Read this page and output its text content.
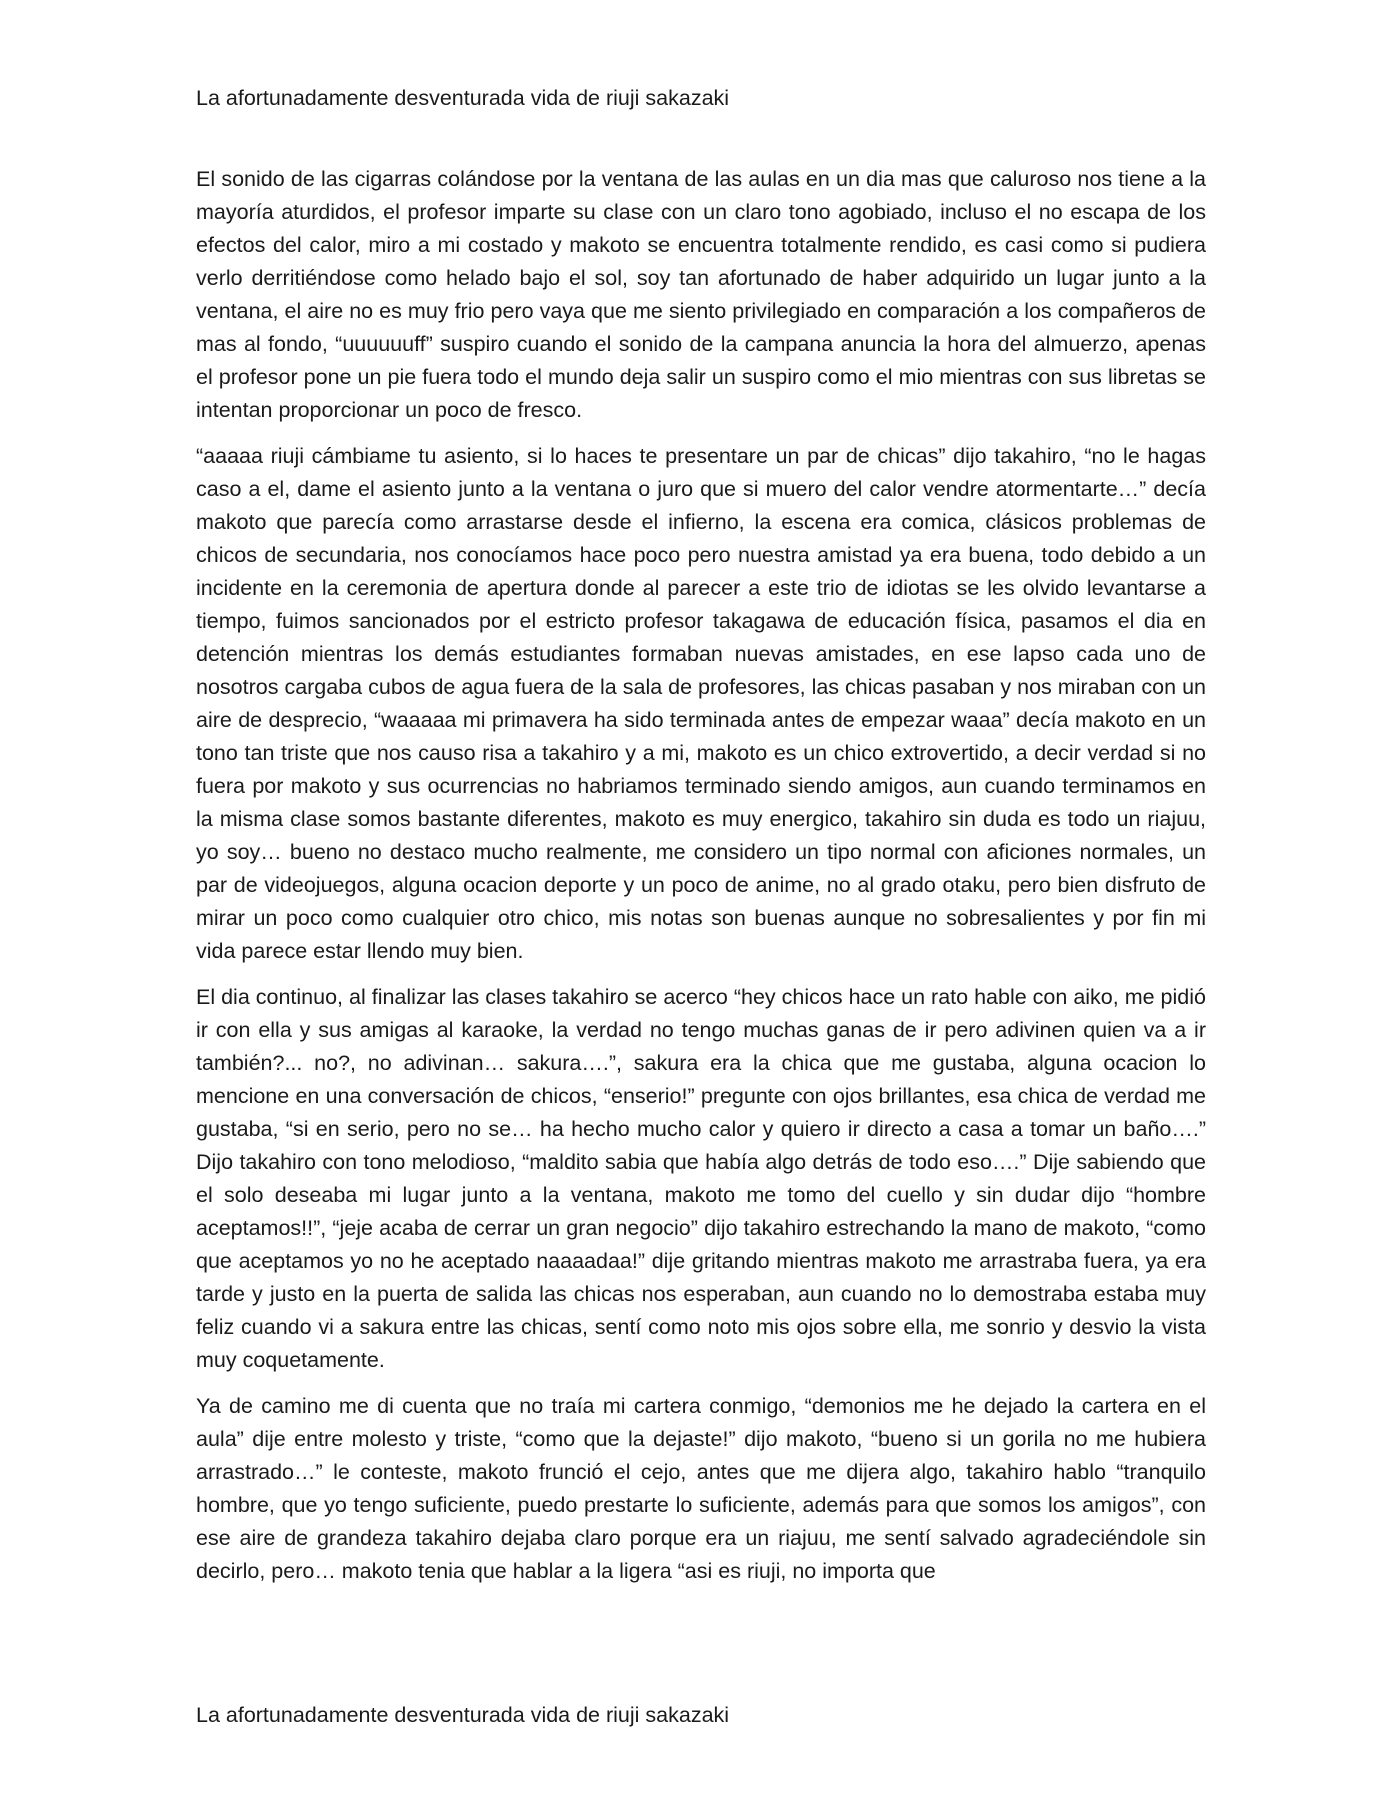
La afortunadamente desventurada vida de riuji sakazaki

El sonido de las cigarras colándose por la ventana de las aulas en un dia mas que caluroso nos tiene a la mayoría aturdidos, el profesor imparte su clase con un claro tono agobiado, incluso el no escapa de los efectos del calor, miro a mi costado y makoto se encuentra totalmente rendido, es casi como si pudiera verlo derritiéndose como helado bajo el sol, soy tan afortunado de haber adquirido un lugar junto a la ventana, el aire no es muy frio pero vaya que me siento privilegiado en comparación a los compañeros de mas al fondo, “uuuuuuff” suspiro cuando el sonido de la campana anuncia la hora del almuerzo, apenas el profesor pone un pie fuera todo el mundo deja salir un suspiro como el mio mientras con sus libretas se intentan proporcionar un poco de fresco.

“aaaaa riuji cámbiame tu asiento, si lo haces te presentare un par de chicas” dijo takahiro, “no le hagas caso a el, dame el asiento junto a la ventana o juro que si muero del calor vendre atormentarte…” decía makoto que parecía como arrastarse desde el infierno, la escena era comica, clásicos problemas de chicos de secundaria, nos conocíamos hace poco pero nuestra amistad ya era buena, todo debido a un incidente en la ceremonia de apertura donde al parecer a este trio de idiotas se les olvido levantarse a tiempo, fuimos sancionados por el estricto profesor takagawa de educación física, pasamos el dia en detención mientras los demás estudiantes formaban nuevas amistades, en ese lapso cada uno de nosotros cargaba cubos de agua fuera de la sala de profesores, las chicas pasaban y nos miraban con un aire de desprecio, “waaaaa mi primavera ha sido terminada antes de empezar waaa” decía makoto en un tono tan triste que nos causo risa a takahiro y a mi, makoto es un chico extrovertido, a decir verdad si no fuera por makoto y sus ocurrencias no habriamos terminado siendo amigos, aun cuando terminamos en la misma clase somos bastante diferentes, makoto es muy energico, takahiro sin duda es todo un riajuu, yo soy… bueno no destaco mucho realmente, me considero un tipo normal con aficiones normales, un par de videojuegos, alguna ocacion deporte y un poco de anime, no al grado otaku, pero bien disfruto de mirar un poco como cualquier otro chico, mis notas son buenas aunque no sobresalientes y por fin mi vida parece estar llendo muy bien.

El dia continuo, al finalizar las clases takahiro se acerco “hey chicos hace un rato hable con aiko, me pidió ir con ella y sus amigas al karaoke, la verdad no tengo muchas ganas de ir pero adivinen quien va a ir también?... no?, no adivinan… sakura….”, sakura era la chica que me gustaba, alguna ocacion lo mencione en una conversación de chicos, “enserio!” pregunte con ojos brillantes, esa chica de verdad me gustaba, “si en serio, pero no se… ha hecho mucho calor y quiero ir directo a casa a tomar un baño….” Dijo takahiro con tono melodioso, “maldito sabia que había algo detrás de todo eso….” Dije sabiendo que el solo deseaba mi lugar junto a la ventana, makoto me tomo del cuello y sin dudar dijo “hombre aceptamos!!”, “jeje acaba de cerrar un gran negocio” dijo takahiro estrechando la mano de makoto, “como que aceptamos yo no he aceptado naaaadaa!” dije gritando mientras makoto me arrastraba fuera, ya era tarde y justo en la puerta de salida las chicas nos esperaban, aun cuando no lo demostraba estaba muy feliz cuando vi a sakura entre las chicas, sentí como noto mis ojos sobre ella, me sonrio y desvio la vista muy coquetamente.

Ya de camino me di cuenta que no traía mi cartera conmigo, “demonios me he dejado la cartera en el aula” dije entre molesto y triste, “como que la dejaste!” dijo makoto, “bueno si un gorila no me hubiera arrastrado…” le conteste, makoto frunció el cejo, antes que me dijera algo, takahiro hablo “tranquilo hombre, que yo tengo suficiente, puedo prestarte lo suficiente, además para que somos los amigos”, con ese aire de grandeza takahiro dejaba claro porque era un riajuu, me sentí salvado agradeciéndole sin decirlo, pero… makoto tenia que hablar a la ligera “asi es riuji, no importa que

La afortunadamente desventurada vida de riuji sakazaki
